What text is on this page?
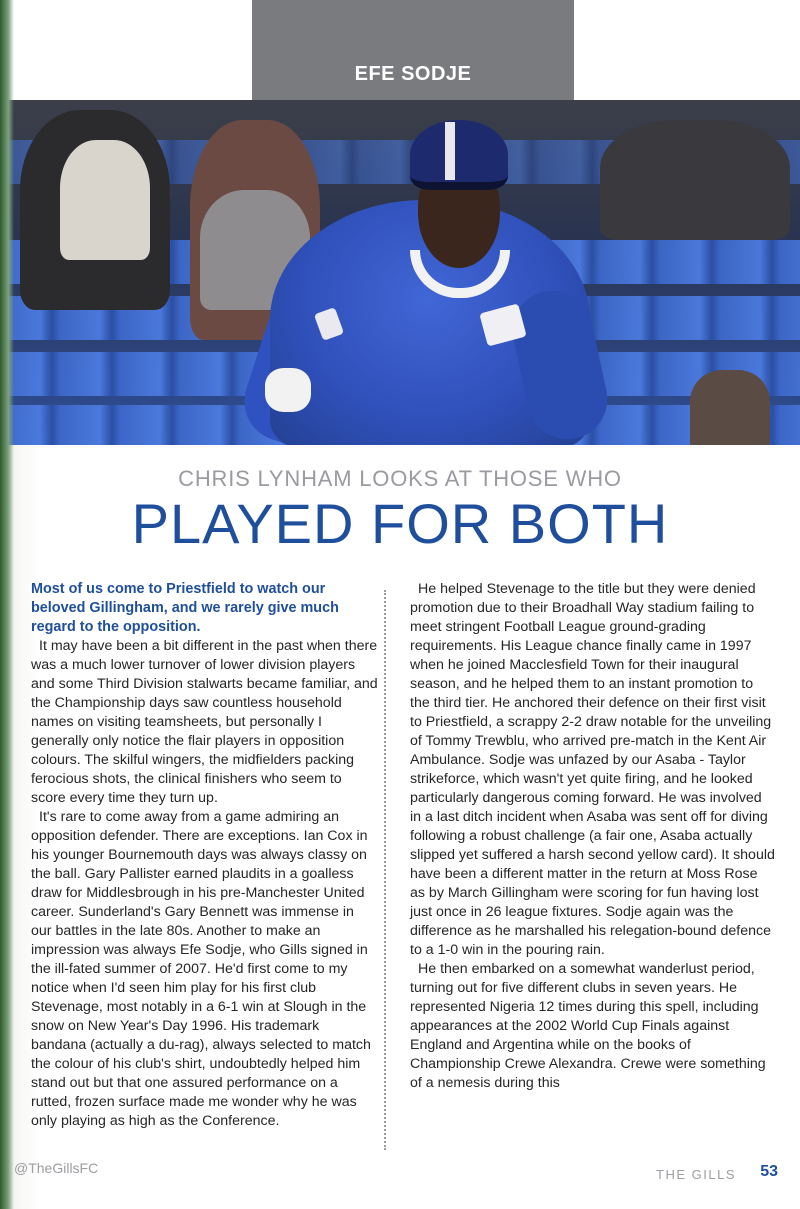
EFE SODJE
CHRIS LYNHAM LOOKS AT THOSE WHO
PLAYED FOR BOTH

Most of us come to Priestfield to watch our beloved Gillingham, and we rarely give much regard to the opposition.

It may have been a bit different in the past when there was a much lower turnover of lower division players and some Third Division stalwarts became familiar, and the Championship days saw countless household names on visiting teamsheets, but personally I generally only notice the flair players in opposition colours. The skilful wingers, the midfielders packing ferocious shots, the clinical finishers who seem to score every time they turn up.

It's rare to come away from a game admiring an opposition defender. There are exceptions. Ian Cox in his younger Bournemouth days was always classy on the ball. Gary Pallister earned plaudits in a goalless draw for Middlesbrough in his pre-Manchester United career. Sunderland's Gary Bennett was immense in our battles in the late 80s. Another to make an impression was always Efe Sodje, who Gills signed in the ill-fated summer of 2007. He'd first come to my notice when I'd seen him play for his first club Stevenage, most notably in a 6-1 win at Slough in the snow on New Year's Day 1996. His trademark bandana (actually a du-rag), always selected to match the colour of his club's shirt, undoubtedly helped him stand out but that one assured performance on a rutted, frozen surface made me wonder why he was only playing as high as the Conference.

He helped Stevenage to the title but they were denied promotion due to their Broadhall Way stadium failing to meet stringent Football League ground-grading requirements. His League chance finally came in 1997 when he joined Macclesfield Town for their inaugural season, and he helped them to an instant promotion to the third tier. He anchored their defence on their first visit to Priestfield, a scrappy 2-2 draw notable for the unveiling of Tommy Trewblu, who arrived pre-match in the Kent Air Ambulance. Sodje was unfazed by our Asaba - Taylor strikeforce, which wasn't yet quite firing, and he looked particularly dangerous coming forward. He was involved in a last ditch incident when Asaba was sent off for diving following a robust challenge (a fair one, Asaba actually slipped yet suffered a harsh second yellow card). It should have been a different matter in the return at Moss Rose as by March Gillingham were scoring for fun having lost just once in 26 league fixtures. Sodje again was the difference as he marshalled his relegation-bound defence to a 1-0 win in the pouring rain.

He then embarked on a somewhat wanderlust period, turning out for five different clubs in seven years. He represented Nigeria 12 times during this spell, including appearances at the 2002 World Cup Finals against England and Argentina while on the books of Championship Crewe Alexandra. Crewe were something of a nemesis during this

@TheGillsFC	THE GILLS 53
